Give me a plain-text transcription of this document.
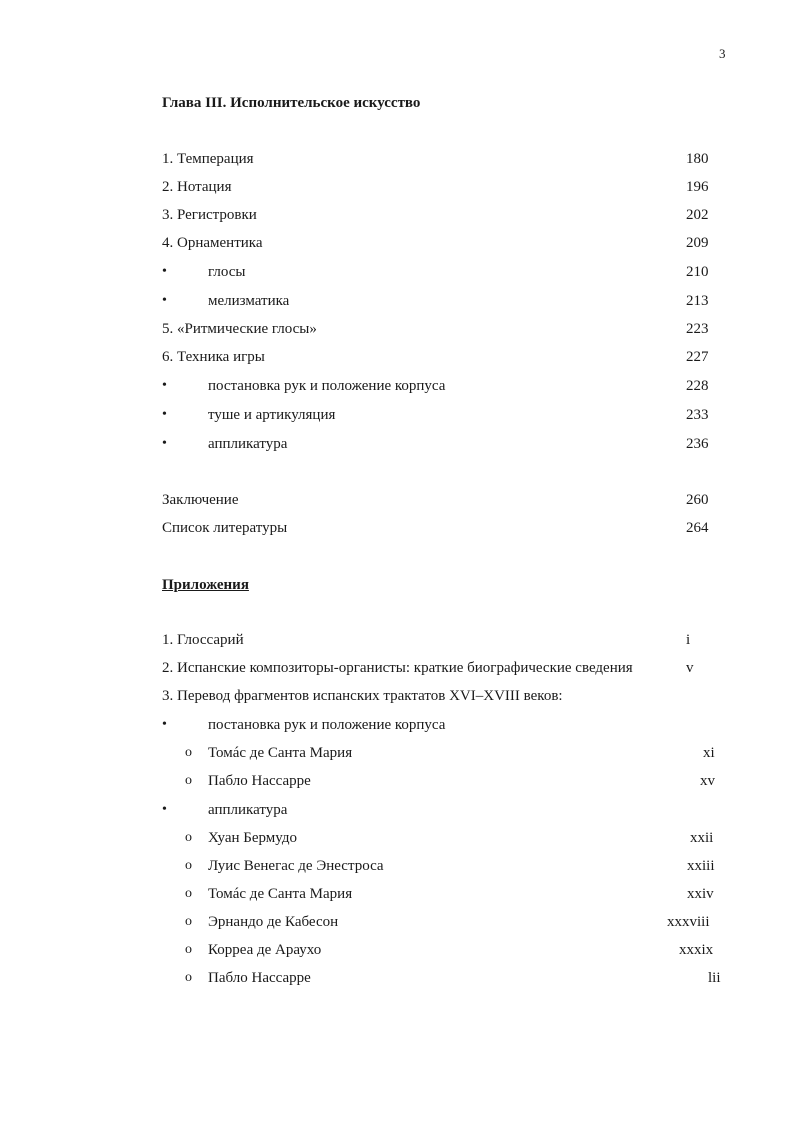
3
Глава III. Исполнительское искусство
1. Темперация	180
2. Нотация	196
3. Регистровки	202
4. Орнаментика	209
•	глосы	210
•	мелизматика	213
5. «Ритмические глосы»	223
6. Техника игры	227
•	постановка рук и положение корпуса	228
•	туше и артикуляция	233
•	аппликатура	236
Заключение	260
Список литературы	264
Приложения
1. Глоссарий	i
2. Испанские композиторы-органисты: краткие биографические сведения	v
3. Перевод фрагментов испанских трактатов XVI–XVIII веков:
•	постановка рук и положение корпуса
o Томáс де Санта Мария	xi
o Пабло Нассарре	xv
•	аппликатура
o Хуан Бермудо	xxii
o Луис Венегас де Энестроса	xxiii
o Томáс де Санта Мария	xxiv
o Эрнандо де Кабесон	xxxviii
o Корреа де Араухо	xxxix
o Пабло Нассарре	lii
